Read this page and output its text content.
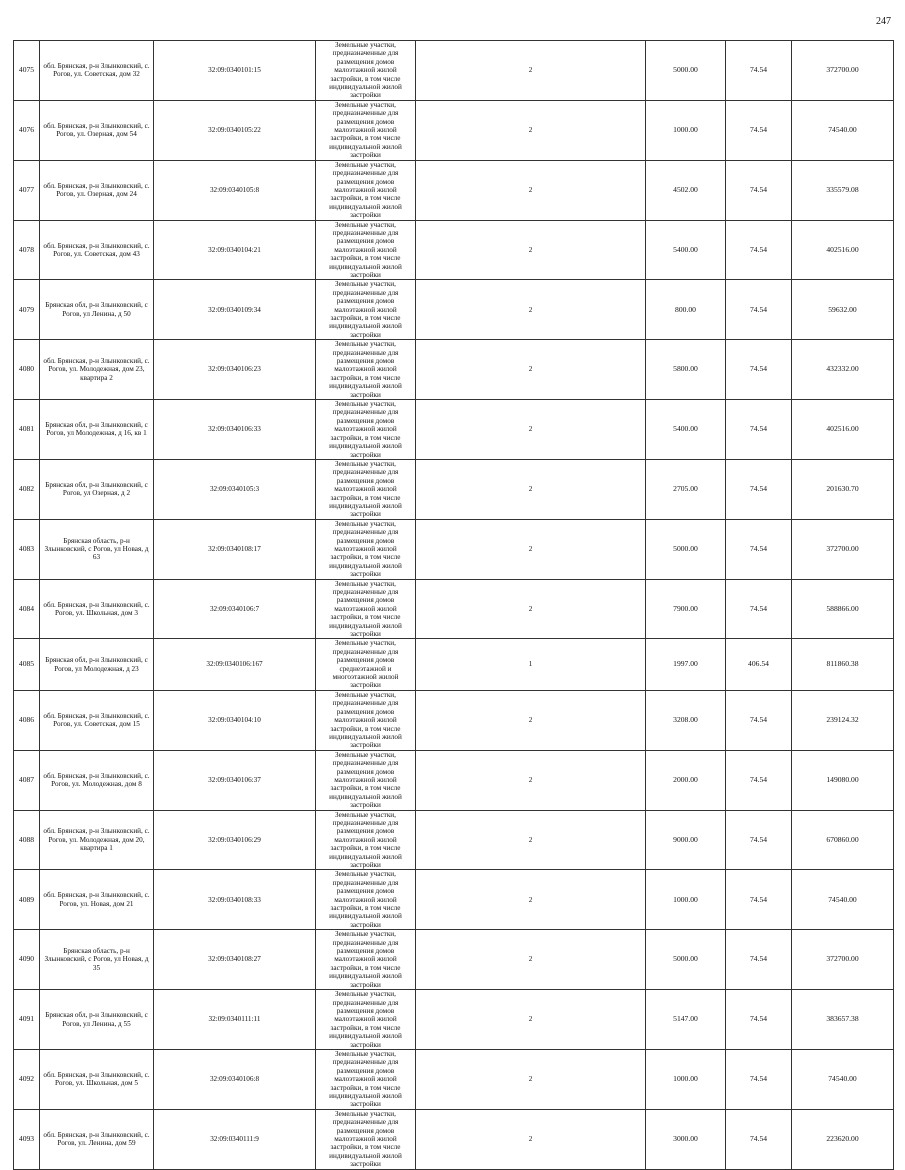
247
4075	обл. Брянская, р-н Злынковский, с. Рогов, ул. Советская, дом 32	32:09:0340101:15	Земельные участки, предназначенные для размещения домов малоэтажной жилой застройки, в том числе индивидуальной жилой застройки	2	5000.00	74.54	372700.00
4076	обл. Брянская, р-н Злынковский, с. Рогов, ул. Озерная, дом 54	32:09:0340105:22	Земельные участки, предназначенные для размещения домов малоэтажной жилой застройки, в том числе индивидуальной жилой застройки	2	1000.00	74.54	74540.00
4077	обл. Брянская, р-н Злынковский, с. Рогов, ул. Озерная, дом 24	32:09:0340105:8	Земельные участки, предназначенные для размещения домов малоэтажной жилой застройки, в том числе индивидуальной жилой застройки	2	4502.00	74.54	335579.08
4078	обл. Брянская, р-н Злынковский, с. Рогов, ул. Советская, дом 43	32:09:0340104:21	Земельные участки, предназначенные для размещения домов малоэтажной жилой застройки, в том числе индивидуальной жилой застройки	2	5400.00	74.54	402516.00
4079	Брянская обл, р-н Злынковский, с Рогов, ул Ленина, д 50	32:09:0340109:34	Земельные участки, предназначенные для размещения домов малоэтажной жилой застройки, в том числе индивидуальной жилой застройки	2	800.00	74.54	59632.00
4080	обл. Брянская, р-н Злынковский, с. Рогов, ул. Молодежная, дом 23, квартира 2	32:09:0340106:23	Земельные участки, предназначенные для размещения домов малоэтажной жилой застройки, в том числе индивидуальной жилой застройки	2	5800.00	74.54	432332.00
4081	Брянская обл, р-н Злынковский, с Рогов, ул Молодежная, д 16, кв 1	32:09:0340106:33	Земельные участки, предназначенные для размещения домов малоэтажной жилой застройки, в том числе индивидуальной жилой застройки	2	5400.00	74.54	402516.00
4082	Брянская обл, р-н Злынковский, с Рогов, ул Озерная, д 2	32:09:0340105:3	Земельные участки, предназначенные для размещения домов малоэтажной жилой застройки, в том числе индивидуальной жилой застройки	2	2705.00	74.54	201630.70
4083	Брянская область, р-н Злынковский, с Рогов, ул Новая, д 63	32:09:0340108:17	Земельные участки, предназначенные для размещения домов малоэтажной жилой застройки, в том числе индивидуальной жилой застройки	2	5000.00	74.54	372700.00
4084	обл. Брянская, р-н Злынковский, с. Рогов, ул. Школьная, дом 3	32:09:0340106:7	Земельные участки, предназначенные для размещения домов малоэтажной жилой застройки, в том числе индивидуальной жилой застройки	2	7900.00	74.54	588866.00
4085	Брянская обл, р-н Злынковский, с Рогов, ул Молодежная, д 23	32:09:0340106:167	Земельные участки, предназначенные для размещения домов среднеэтажной и многоэтажной жилой застройки	1	1997.00	406.54	811860.38
4086	обл. Брянская, р-н Злынковский, с. Рогов, ул. Советская, дом 15	32:09:0340104:10	Земельные участки, предназначенные для размещения домов малоэтажной жилой застройки, в том числе индивидуальной жилой застройки	2	3208.00	74.54	239124.32
4087	обл. Брянская, р-н Злынковский, с. Рогов, ул. Молодежная, дом 8	32:09:0340106:37	Земельные участки, предназначенные для размещения домов малоэтажной жилой застройки, в том числе индивидуальной жилой застройки	2	2000.00	74.54	149080.00
4088	обл. Брянская, р-н Злынковский, с. Рогов, ул. Молодежная, дом 20, квартира 1	32:09:0340106:29	Земельные участки, предназначенные для размещения домов малоэтажной жилой застройки, в том числе индивидуальной жилой застройки	2	9000.00	74.54	670860.00
4089	обл. Брянская, р-н Злынковский, с. Рогов, ул. Новая, дом 21	32:09:0340108:33	Земельные участки, предназначенные для размещения домов малоэтажной жилой застройки, в том числе индивидуальной жилой застройки	2	1000.00	74.54	74540.00
4090	Брянская область, р-н Злынковский, с Рогов, ул Новая, д 35	32:09:0340108:27	Земельные участки, предназначенные для размещения домов малоэтажной жилой застройки, в том числе индивидуальной жилой застройки	2	5000.00	74.54	372700.00
4091	Брянская обл, р-н Злынковский, с Рогов, ул Ленина, д 55	32:09:0340111:11	Земельные участки, предназначенные для размещения домов малоэтажной жилой застройки, в том числе индивидуальной жилой застройки	2	5147.00	74.54	383657.38
4092	обл. Брянская, р-н Злынковский, с. Рогов, ул. Школьная, дом 5	32:09:0340106:8	Земельные участки, предназначенные для размещения домов малоэтажной жилой застройки, в том числе индивидуальной жилой застройки	2	1000.00	74.54	74540.00
4093	обл. Брянская, р-н Злынковский, с. Рогов, ул. Ленина, дом 59	32:09:0340111:9	Земельные участки, предназначенные для размещения домов малоэтажной жилой застройки, в том числе индивидуальной жилой застройки	2	3000.00	74.54	223620.00
